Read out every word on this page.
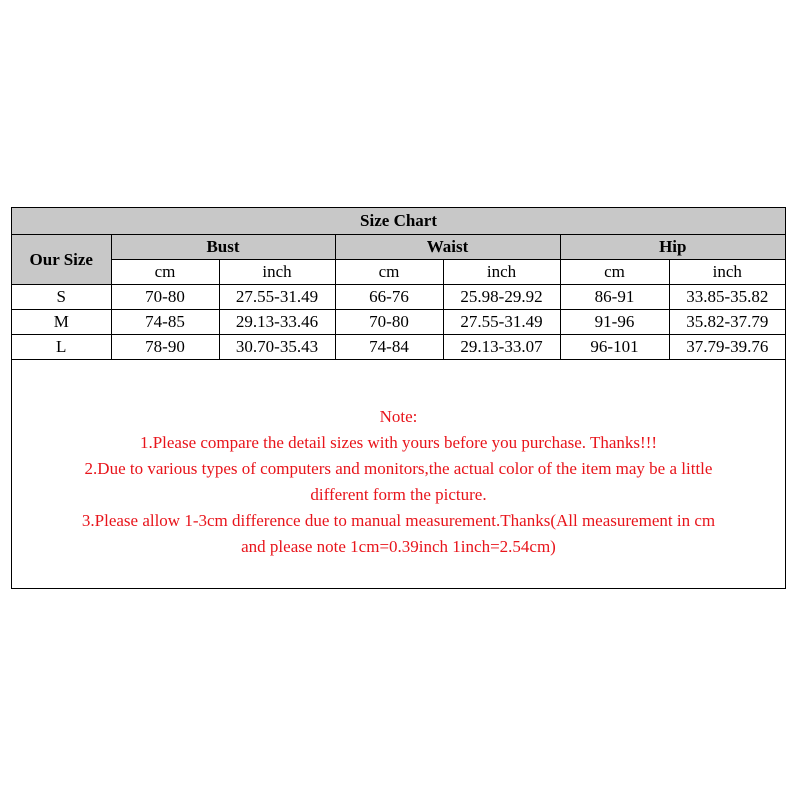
Size Chart						
Our Size	Bust		Waist		Hip	
	cm	inch	cm	inch	cm	inch
S	70-80	27.55-31.49	66-76	25.98-29.92	86-91	33.85-35.82
M	74-85	29.13-33.46	70-80	27.55-31.49	91-96	35.82-37.79
L	78-90	30.70-35.43	74-84	29.13-33.07	96-101	37.79-39.76
Note:
1.Please compare the detail sizes with yours before you purchase. Thanks!!!
2.Due to various types of computers and monitors,the actual color of the item may be a little
different form the picture.
3.Please allow 1-3cm difference due to manual measurement.Thanks(All measurement in cm
and please note 1cm=0.39inch 1inch=2.54cm)
